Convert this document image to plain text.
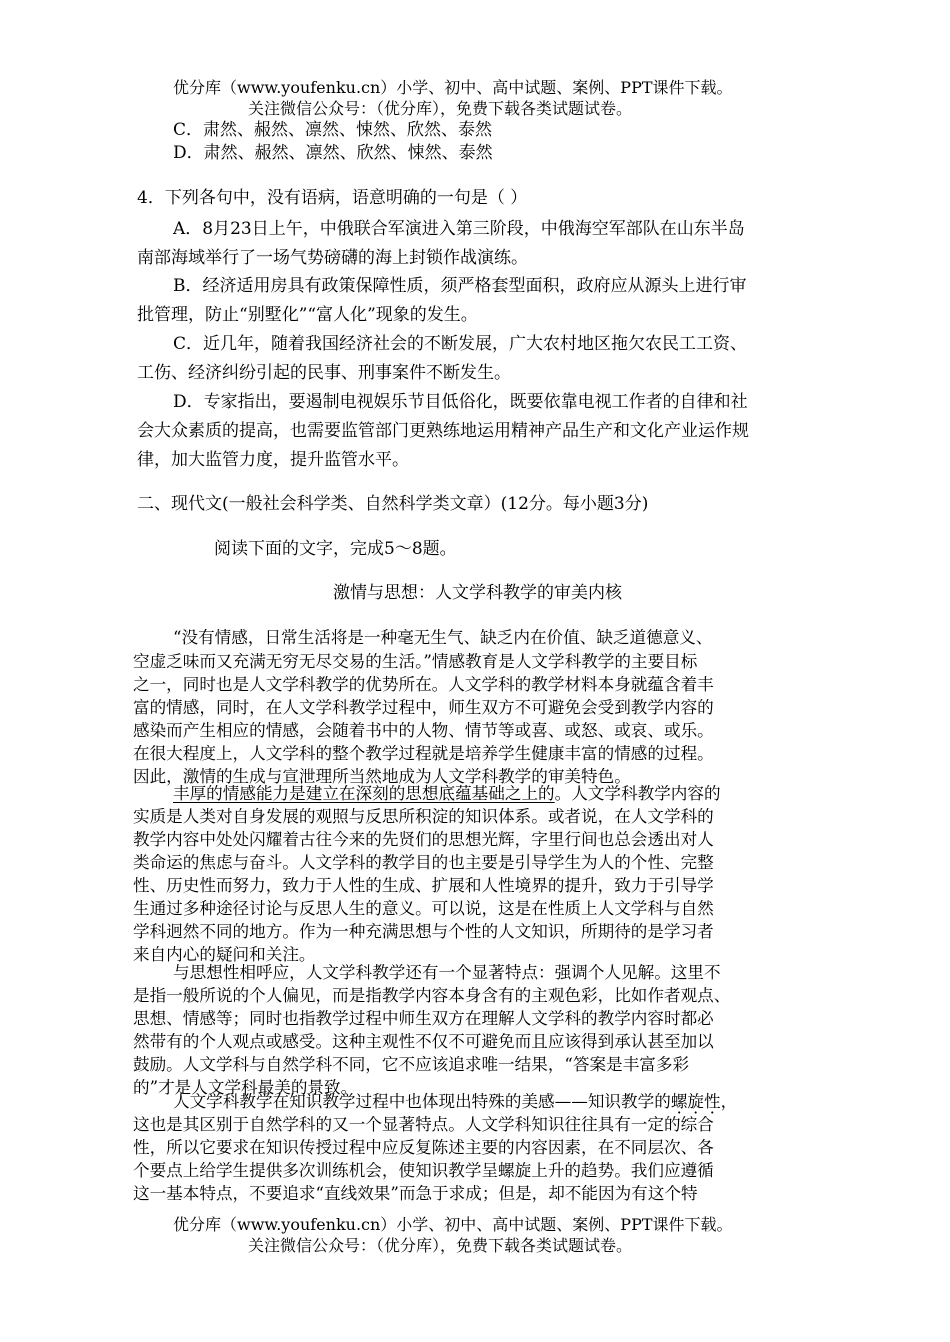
优分库（www.youfenku.cn）小学、初中、高中试题、案例、PPT课件下载。
关注微信公众号：（优分库），免费下载各类试题试卷。
C．肃然、赧然、凛然、悚然、欣然、泰然
D．肃然、赧然、凛然、欣然、悚然、泰然
4．下列各句中，没有语病，语意明确的一句是（ ）
A．8月23日上午，中俄联合军演进入第三阶段，中俄海空军部队在山东半岛
南部海域举行了一场气势磅礴的海上封锁作战演练。
B．经济适用房具有政策保障性质，须严格套型面积，政府应从源头上进行审
批管理，防止“别墅化”“富人化”现象的发生。
C．近几年，随着我国经济社会的不断发展，广大农村地区拖欠农民工工资、
工伤、经济纠纷引起的民事、刑事案件不断发生。
D．专家指出，要遏制电视娱乐节目低俗化，既要依靠电视工作者的自律和社
会大众素质的提高，也需要监管部门更熟练地运用精神产品生产和文化产业运作规
律，加大监管力度，提升监管水平。
二、现代文(一般社会科学类、自然科学类文章）(12分。每小题3分)
阅读下面的文字，完成5～8题。
激情与思想：人文学科教学的审美内核
“没有情感，日常生活将是一种毫无生气、缺乏内在价值、缺乏道德意义、
空虚乏味而又充满无穷无尽交易的生活。”情感教育是人文学科教学的主要目标
之一，同时也是人文学科教学的优势所在。人文学科的教学材料本身就蕴含着丰
富的情感，同时，在人文学科教学过程中，师生双方不可避免会受到教学内容的
感染而产生相应的情感，会随着书中的人物、情节等或喜、或怒、或哀、或乐。
在很大程度上，人文学科的整个教学过程就是培养学生健康丰富的情感的过程。
因此，激情的生成与宣泄理所当然地成为人文学科教学的审美特色。
丰厚的情感能力是建立在深刻的思想底蕴基础之上的。人文学科教学内容的
实质是人类对自身发展的观照与反思所积淀的知识体系。或者说，在人文学科的
教学内容中处处闪耀着古往今来的先贤们的思想光辉，字里行间也总会透出对人
类命运的焦虑与奋斗。人文学科的教学目的也主要是引导学生为人的个性、完整
性、历史性而努力，致力于人性的生成、扩展和人性境界的提升，致力于引导学
生通过多种途径讨论与反思人生的意义。可以说，这是在性质上人文学科与自然
学科迥然不同的地方。作为一种充满思想与个性的人文知识，所期待的是学习者
来自内心的疑问和关注。
与思想性相呼应，人文学科教学还有一个显著特点：强调个人见解。这里不
是指一般所说的个人偏见，而是指教学内容本身含有的主观色彩，比如作者观点、
思想、情感等；同时也指教学过程中师生双方在理解人文学科的教学内容时都必
然带有的个人观点或感受。这种主观性不仅不可避免而且应该得到承认甚至加以
鼓励。人文学科与自然学科不同，它不应该追求唯一结果，“答案是丰富多彩
的”才是人文学科最美的景致。
人文学科教学在知识教学过程中也体现出特殊的美感——知识教学的螺旋性，
这也是其区别于自然学科的又一个显著特点。人文学科知识往往具有一定的综合
性，所以它要求在知识传授过程中应反复陈述主要的内容因素，在不同层次、各
个要点上给学生提供多次训练机会，使知识教学呈螺旋上升的趋势。我们应遵循
这一基本特点，不要追求“直线效果”而急于求成；但是，却不能因为有这个特
优分库（www.youfenku.cn）小学、初中、高中试题、案例、PPT课件下载。
关注微信公众号：（优分库），免费下载各类试题试卷。
